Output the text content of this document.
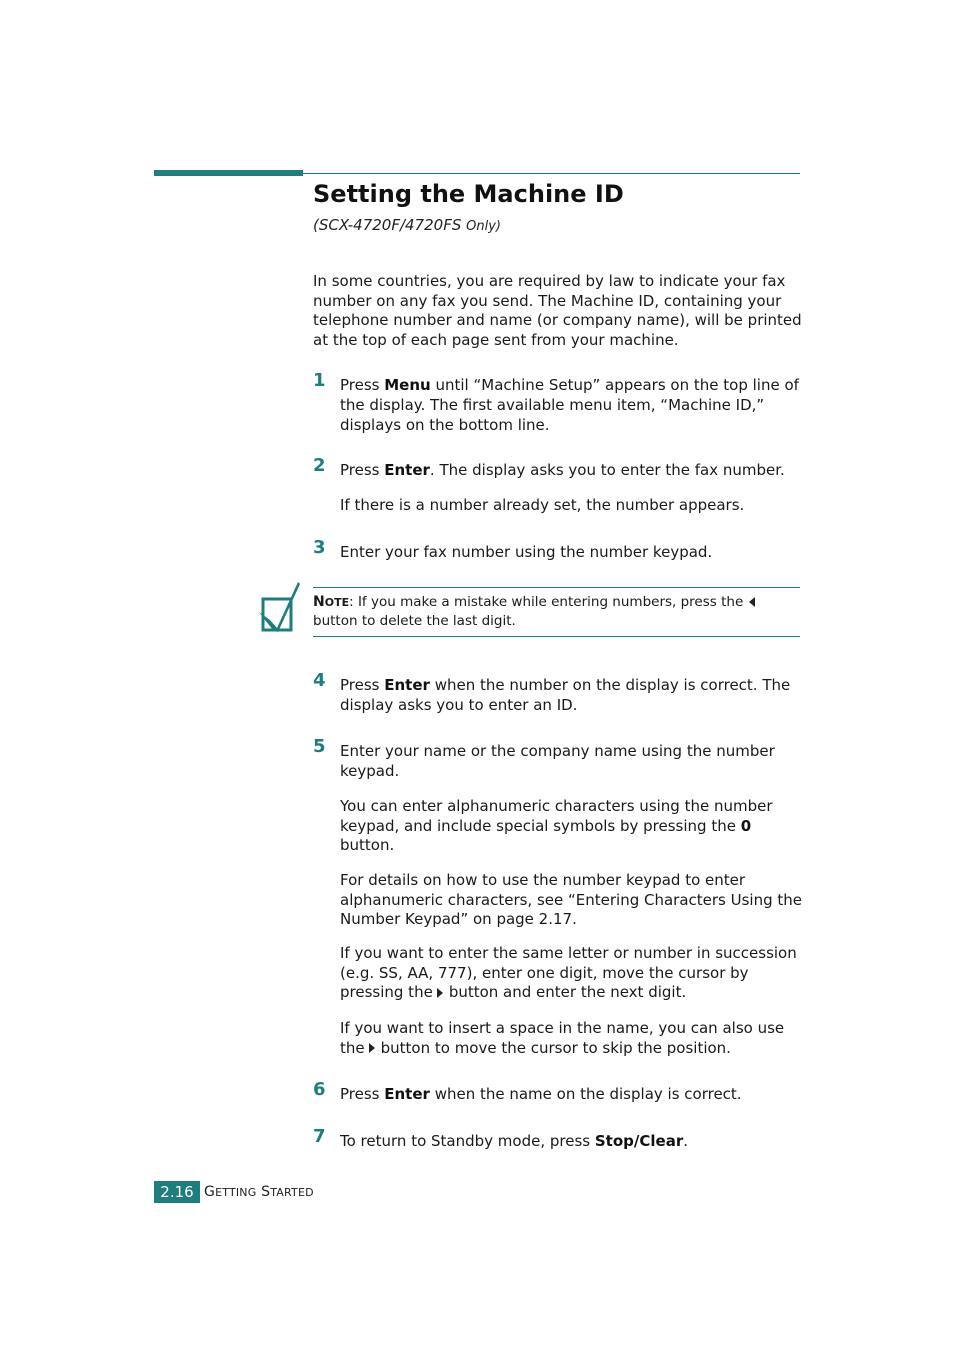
Setting the Machine ID
(SCX-4720F/4720FS Only)

In some countries, you are required by law to indicate your fax number on any fax you send. The Machine ID, containing your telephone number and name (or company name), will be printed at the top of each page sent from your machine.

1 Press Menu until “Machine Setup” appears on the top line of the display. The first available menu item, “Machine ID,” displays on the bottom line.
2 Press Enter. The display asks you to enter the fax number.

If there is a number already set, the number appears.

3 Enter your fax number using the number keypad.
NOTE: If you make a mistake while entering numbers, press the
button to delete the last digit.
4 Press Enter when the number on the display is correct. The display asks you to enter an ID.
5 Enter your name or the company name using the number keypad.

You can enter alphanumeric characters using the number keypad, and include special symbols by pressing the 0 button.

For details on how to use the number keypad to enter alphanumeric characters, see “Entering Characters Using the Number Keypad” on page 2.17.

If you want to enter the same letter or number in succession (e.g. SS, AA, 777), enter one digit, move the cursor by pressing the button and enter the next digit.

If you want to insert a space in the name, you can also use the button to move the cursor to skip the position.

6 Press Enter when the name on the display is correct.
7 To return to Standby mode, press Stop/Clear.
2.16 GETTING STARTED
